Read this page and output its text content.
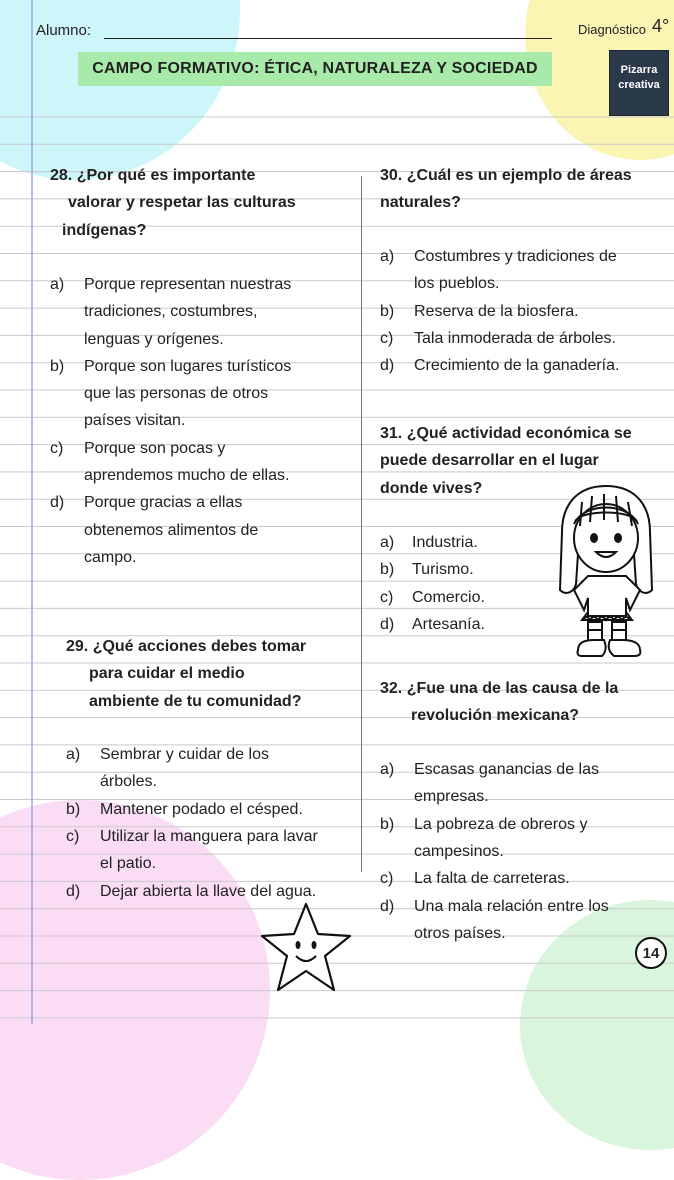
Alumno:	Diagnóstico 4°
CAMPO FORMATIVO: ÉTICA, NATURALEZA Y SOCIEDAD	Pizarra
creativa
28. ¿Por qué es importante
valorar y respetar las culturas
indígenas?
a) Porque representan nuestras
tradiciones, costumbres,
lenguas y orígenes.
b) Porque son lugares turísticos
que las personas de otros
países visitan.
c) Porque son pocas y
aprendemos mucho de ellas.
d) Porque gracias a ellas
obtenemos alimentos de
campo.
29. ¿Qué acciones debes tomar
para cuidar el medio
ambiente de tu comunidad?
a) Sembrar y cuidar de los
árboles.
b) Mantener podado el césped.
c) Utilizar la manguera para lavar
el patio.
d) Dejar abierta la llave del agua.
30. ¿Cuál es un ejemplo de áreas
naturales?
a) Costumbres y tradiciones de
los pueblos.
b) Reserva de la biosfera.
c) Tala inmoderada de árboles.
d) Crecimiento de la ganadería.
31. ¿Qué actividad económica se
puede desarrollar en el lugar
donde vives?
a) Industria.
b) Turismo.
c) Comercio.
d) Artesanía.
32. ¿Fue una de las causa de la
revolución mexicana?
a) Escasas ganancias de las
empresas.
b) La pobreza de obreros y
campesinos.
c) La falta de carreteras.
d) Una mala relación entre los
otros países.
14
